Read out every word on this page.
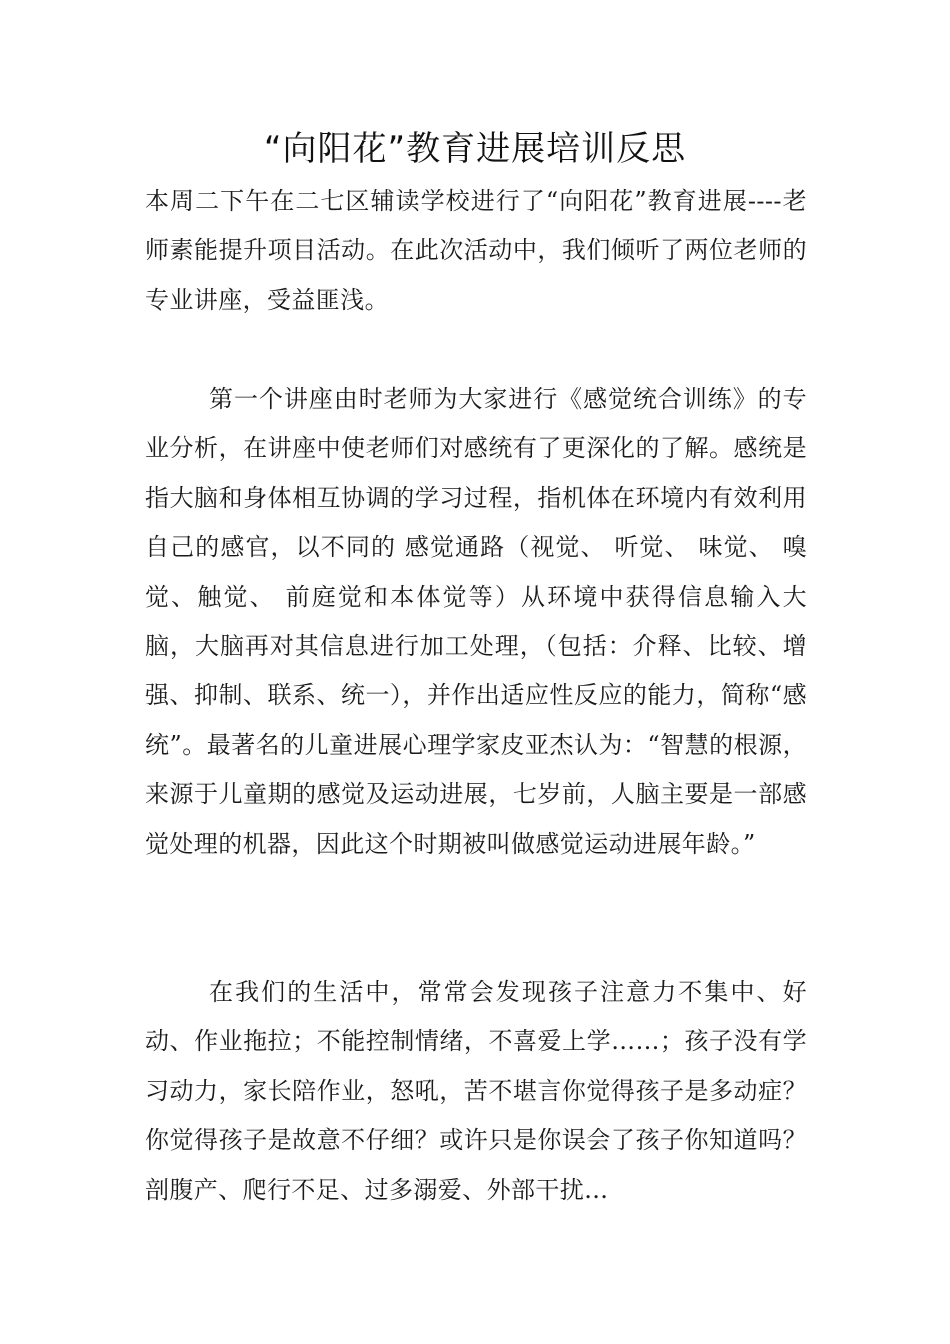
“向阳花”教育进展培训反思

本周二下午在二七区辅读学校进行了“向阳花”教育进展----老师素能提升项目活动。在此次活动中，我们倾听了两位老师的专业讲座，受益匪浅。

第一个讲座由时老师为大家进行《感觉统合训练》的专业分析，在讲座中使老师们对感统有了更深化的了解。感统是指大脑和身体相互协调的学习过程，指机体在环境内有效利用自己的感官，以不同的 感觉通路（视觉、 听觉、 味觉、 嗅觉、触觉、 前庭觉和本体觉等）从环境中获得信息输入大脑，大脑再对其信息进行加工处理，（包括：介释、比较、增强、抑制、联系、统一），并作出适应性反应的能力，简称“感统”。最著名的儿童进展心理学家皮亚杰认为：“智慧的根源，来源于儿童期的感觉及运动进展，七岁前，人脑主要是一部感觉处理的机器，因此这个时期被叫做感觉运动进展年龄。”

在我们的生活中，常常会发现孩子注意力不集中、好动、作业拖拉；不能控制情绪，不喜爱上学……；孩子没有学习动力，家长陪作业，怒吼，苦不堪言你觉得孩子是多动症？你觉得孩子是故意不仔细？或许只是你误会了孩子你知道吗？剖腹产、爬行不足、过多溺爱、外部干扰...
